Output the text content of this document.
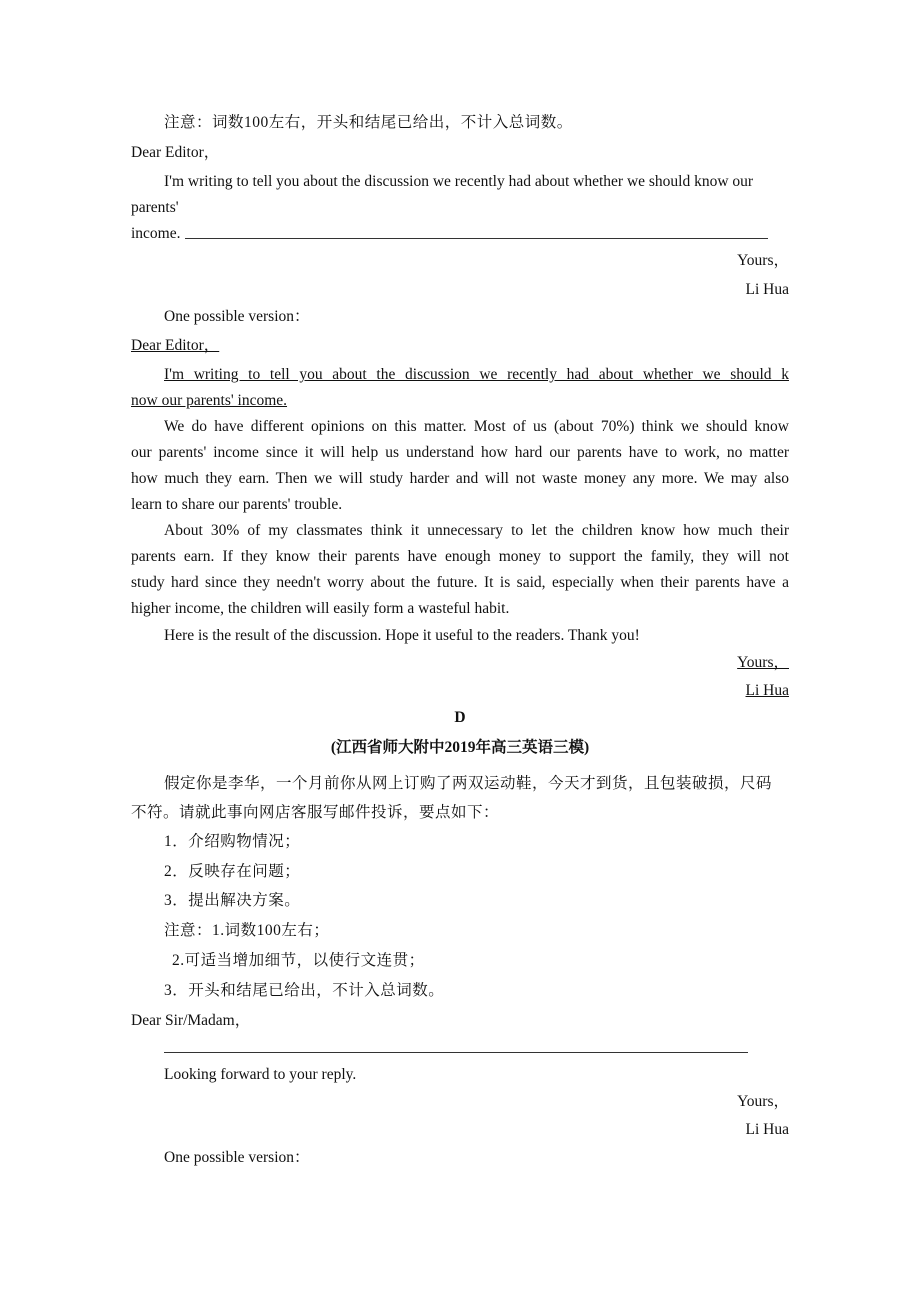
注意：词数100左右，开头和结尾已给出，不计入总词数。
Dear Editor，
I'm writing to tell you about the discussion we recently had about whether we should know our
parents'
income.
Yours，
Li Hua
One possible version：
Dear Editor，
I'm writing to tell you about the discussion we recently had about whether we should k
now our parents' income.
We do have different opinions on this matter. Most of us (about 70%) think we should know
our parents' income since it will help us understand how hard our parents have to work, no matter
how much they earn. Then we will study harder and will not waste money any more. We may also
learn to share our parents' trouble.
About 30% of my classmates think it unnecessary to let the children know how much their
parents earn. If they know their parents have enough money to support the family, they will not
study hard since they needn't worry about the future. It is said, especially when their parents have a
higher income, the children will easily form a wasteful habit.
Here is the result of the discussion. Hope it useful to the readers. Thank you!
Yours，
Li Hua
D
(江西省师大附中2019年高三英语三模)
假定你是李华，一个月前你从网上订购了两双运动鞋，今天才到货，且包装破损，尺码
不符。请就此事向网店客服写邮件投诉，要点如下：
1．介绍购物情况；
2．反映存在问题；
3．提出解决方案。
注意：1.词数100左右；
2.可适当增加细节，以使行文连贯；
3．开头和结尾已给出，不计入总词数。
Dear Sir/Madam，
Looking forward to your reply.
Yours，
Li Hua
One possible version：
